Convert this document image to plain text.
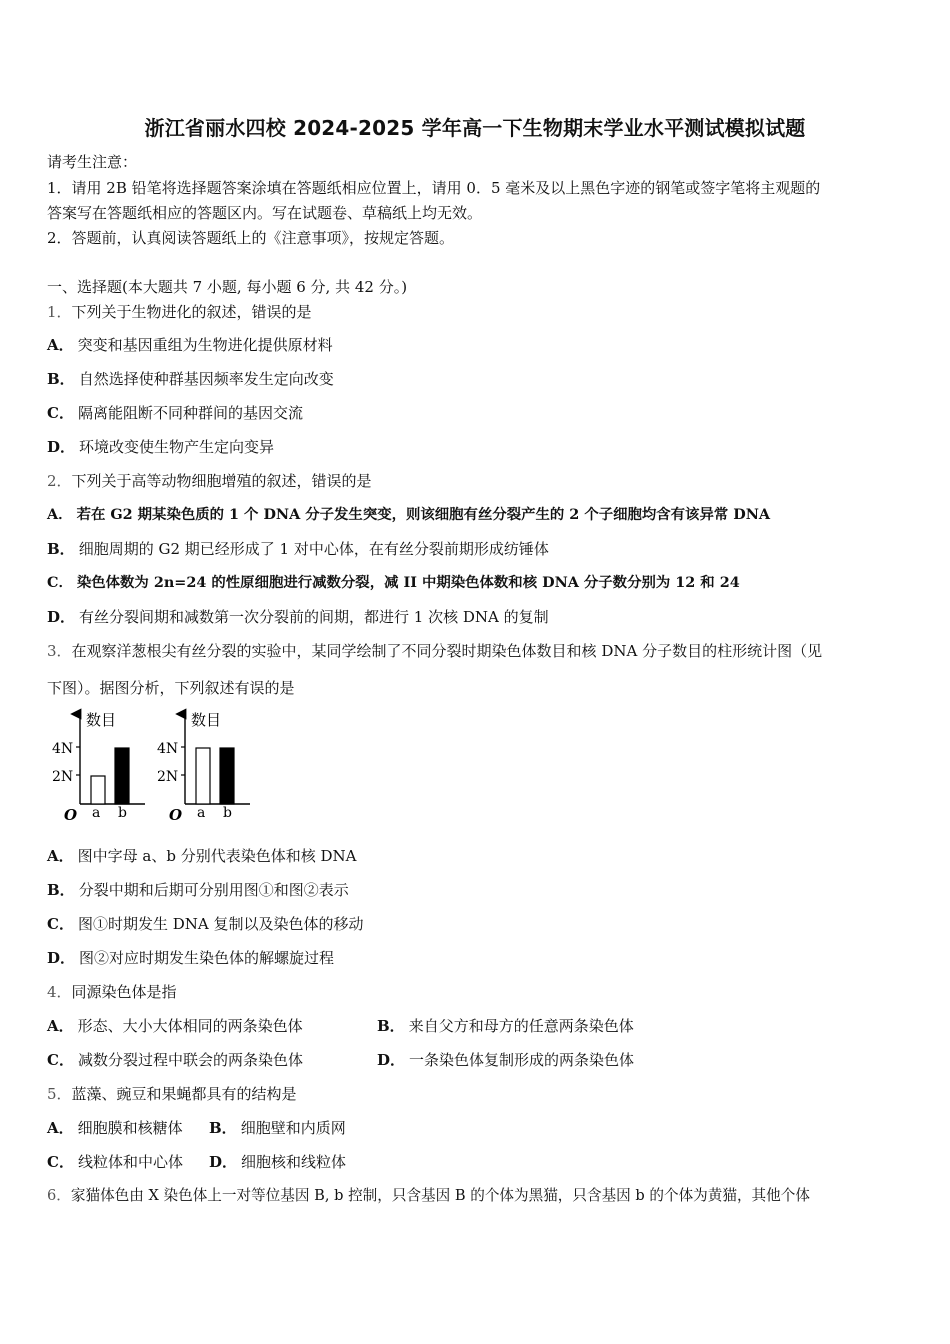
浙江省丽水四校 2024-2025 学年高一下生物期末学业水平测试模拟试题
请考生注意：
1．请用 2B 铅笔将选择题答案涂填在答题纸相应位置上，请用 0．5 毫米及以上黑色字迹的钢笔或签字笔将主观题的
答案写在答题纸相应的答题区内。写在试题卷、草稿纸上均无效。
2．答题前，认真阅读答题纸上的《注意事项》，按规定答题。
一、选择题(本大题共 7 小题, 每小题 6 分, 共 42 分。)
1．下列关于生物进化的叙述，错误的是
A． 突变和基因重组为生物进化提供原材料
B． 自然选择使种群基因频率发生定向改变
C． 隔离能阻断不同种群间的基因交流
D． 环境改变使生物产生定向变异
2．下列关于高等动物细胞增殖的叙述，错误的是
A． 若在 G2 期某染色质的 1 个 DNA 分子发生突变，则该细胞有丝分裂产生的 2 个子细胞均含有该异常 DNA
B． 细胞周期的 G2 期已经形成了 1 对中心体，在有丝分裂前期形成纺锤体
C． 染色体数为 2n=24 的性原细胞进行减数分裂，减 II 中期染色体数和核 DNA 分子数分别为 12 和 24
D． 有丝分裂间期和减数第一次分裂前的间期，都进行 1 次核 DNA 的复制
3．在观察洋葱根尖有丝分裂的实验中，某同学绘制了不同分裂时期染色体数目和核 DNA 分子数目的柱形统计图（见
下图）。据图分析，下列叙述有误的是
数目
4N
2N
O a b
数目
4N
2N
O a b
A． 图中字母 a、b 分别代表染色体和核 DNA
B． 分裂中期和后期可分别用图①和图②表示
C． 图①时期发生 DNA 复制以及染色体的移动
D． 图②对应时期发生染色体的解螺旋过程
4．同源染色体是指
A． 形态、大小大体相同的两条染色体	B． 来自父方和母方的任意两条染色体
C． 减数分裂过程中联会的两条染色体	D． 一条染色体复制形成的两条染色体
5．蓝藻、豌豆和果蝇都具有的结构是
A． 细胞膜和核糖体 B． 细胞壁和内质网
C． 线粒体和中心体 D． 细胞核和线粒体
6．家猫体色由 X 染色体上一对等位基因 B, b 控制，只含基因 B 的个体为黑猫，只含基因 b 的个体为黄猫，其他个体
